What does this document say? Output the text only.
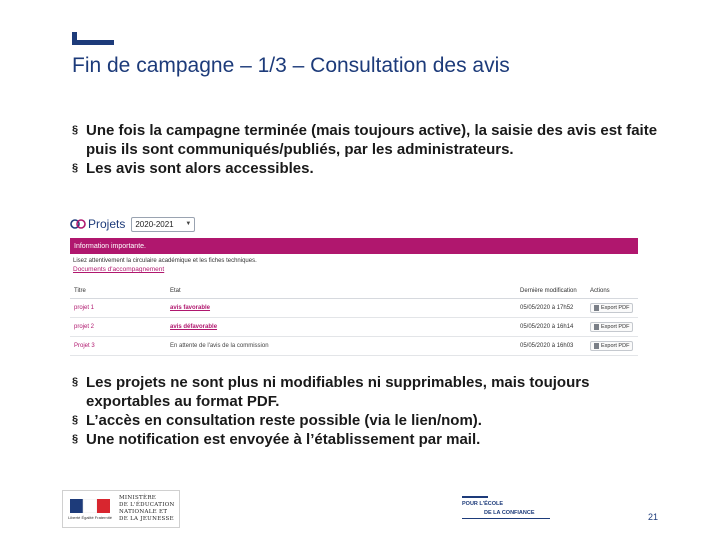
Fin de campagne – 1/3 – Consultation des avis
§ Une fois la campagne terminée (mais toujours active), la saisie des avis est faite puis ils sont communiqués/publiés, par les administrateurs.
§ Les avis sont alors accessibles.
Projets 2020-2021 ▼
Information importante.
Lisez attentivement la circulaire académique et les fiches techniques.
Documents d'accompagnement
Titre	Etat	Dernière modification	Actions
projet 1	avis favorable	05/05/2020 à 17h52	Export PDF

projet 2	avis défavorable	05/05/2020 à 16h14	Export PDF

Projet 3	En attente de l'avis de la commission	05/05/2020 à 16h03	Export PDF
§ Les projets ne sont plus ni modifiables ni supprimables, mais toujours exportables au format PDF.
§ L’accès en consultation reste possible (via le lien/nom).
§ Une notification est envoyée à l’établissement par mail.
Liberté Égalité Fraternité
MINISTÈRE
DE L'ÉDUCATION
NATIONALE ET
DE LA JEUNESSE
POUR L'ÉCOLE
DE LA CONFIANCE	21
